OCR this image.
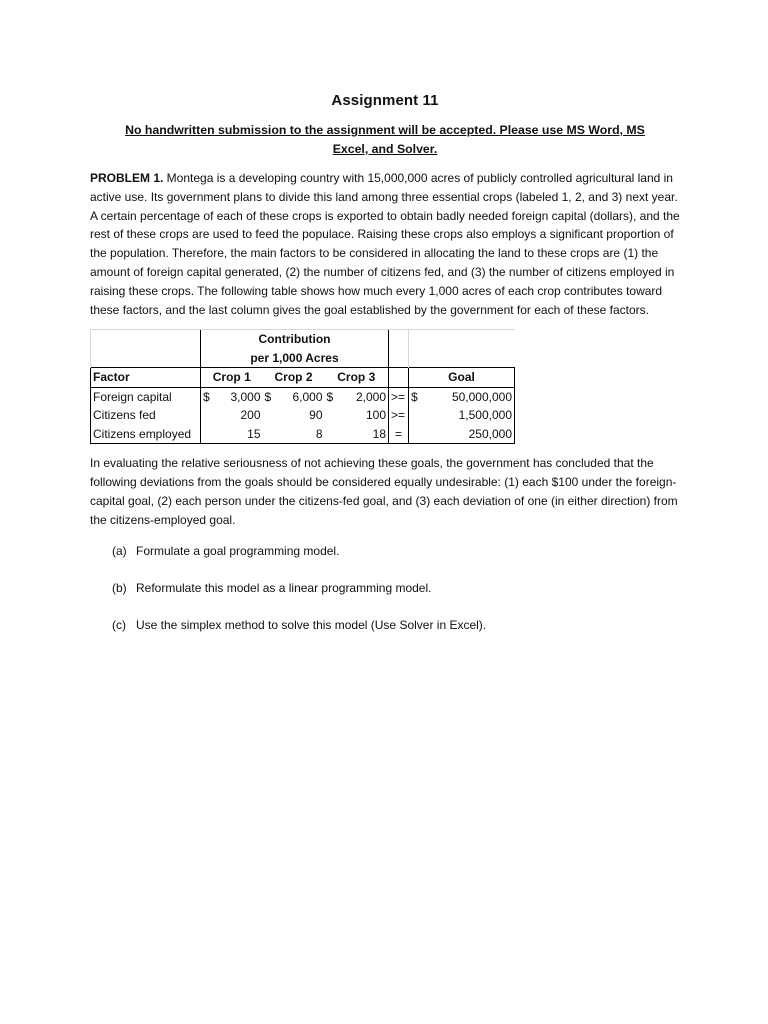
Assignment 11
No handwritten submission to the assignment will be accepted. Please use MS Word, MS
Excel, and Solver.

PROBLEM 1. Montega is a developing country with 15,000,000 acres of publicly controlled agricultural land in active use. Its government plans to divide this land among three essential crops (labeled 1, 2, and 3) next year. A certain percentage of each of these crops is exported to obtain badly needed foreign capital (dollars), and the rest of these crops are used to feed the populace. Raising these crops also employs a significant proportion of the population. Therefore, the main factors to be considered in allocating the land to these crops are (1) the amount of foreign capital generated, (2) the number of citizens fed, and (3) the number of citizens employed in raising these crops. The following table shows how much every 1,000 acres of each crop contributes toward these factors, and the last column gives the goal established by the government for each of these factors.

	Contribution								
	per 1,000 Acres								
Factor	Crop 1		Crop 2		Crop 3			Goal	
Foreign capital	$	3,000	$	6,000	$	2,000	>=	$	50,000,000
Citizens fed		200		90		100	>=		1,500,000
Citizens employed		15		8		18	=		250,000

In evaluating the relative seriousness of not achieving these goals, the government has concluded that the following deviations from the goals should be considered equally undesirable: (1) each $100 under the foreign-capital goal, (2) each person under the citizens-fed goal, and (3) each deviation of one (in either direction) from the citizens-employed goal.

(a) Formulate a goal programming model.
(b) Reformulate this model as a linear programming model.
(c) Use the simplex method to solve this model (Use Solver in Excel).
